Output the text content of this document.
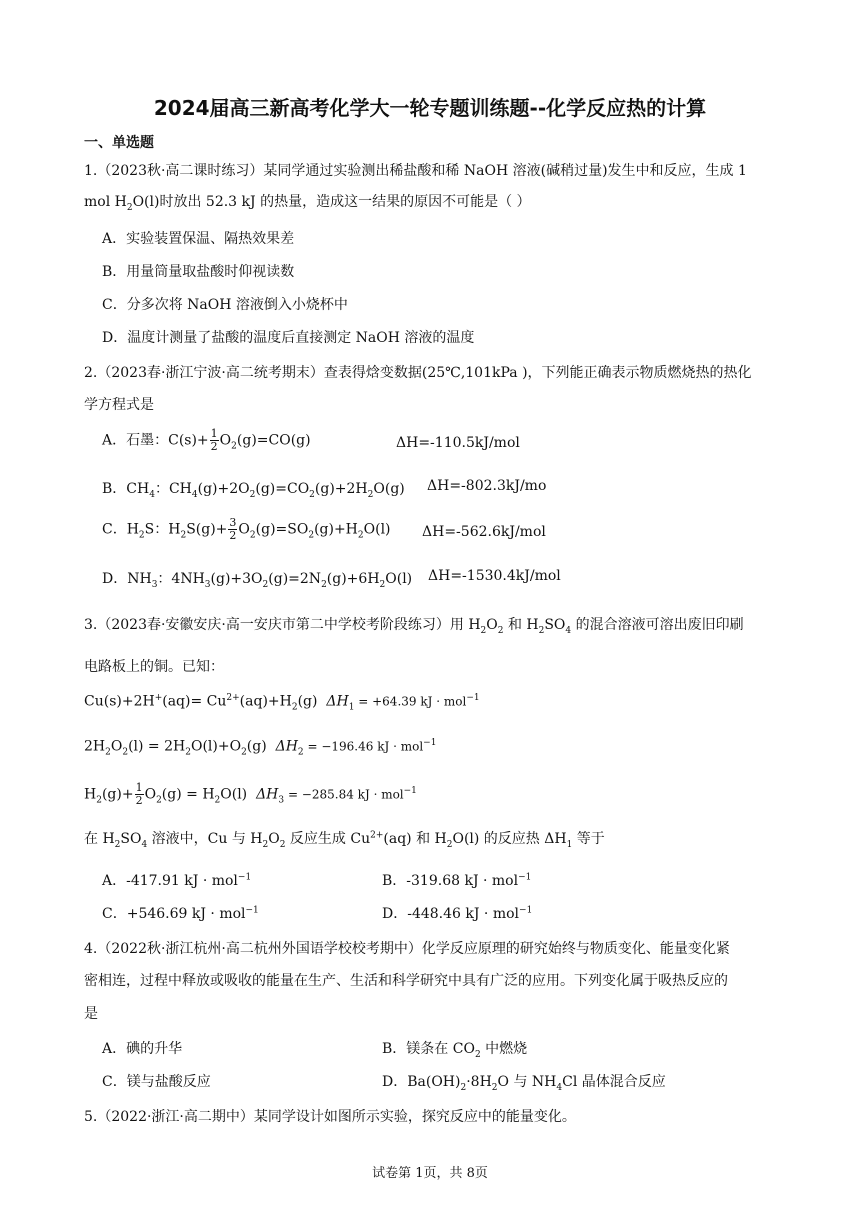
2024届高三新高考化学大一轮专题训练题--化学反应热的计算
一、单选题
1.（2023秋·高二课时练习）某同学通过实验测出稀盐酸和稀 NaOH 溶液(碱稍过量)发生中和反应，生成 1
mol $H_2O(l)$时放出 52.3 kJ 的热量，造成这一结果的原因不可能是（ ）
A．实验装置保温、隔热效果差
B．用量筒量取盐酸时仰视读数
C．分多次将 NaOH 溶液倒入小烧杯中
D．温度计测量了盐酸的温度后直接测定 NaOH 溶液的温度
2.（2023春·浙江宁波·高二统考期末）查表得焓变数据(25℃,101kPa )，下列能正确表示物质燃烧热的热化
学方程式是
A．石墨：$C(s)+ \frac{1}{2} O_2(g)=CO(g)$	ΔH=-110.5kJ/mol
B．$CH_4$：$CH_4(g)+2O_2(g)=CO_2(g)+2H_2O(g)$ ΔH=-802.3kJ/mo
C．$H_2S$：$H_2S(g)+ \frac{3}{2} O_2(g)=SO_2(g)+H_2O(l)$ ΔH=-562.6kJ/mol
D．$NH_3$：$4NH_3(g)+3O_2(g)=2N_2(g)+6H_2O(l)$ ΔH=-1530.4kJ/mol
3.（2023春·安徽安庆·高一安庆市第二中学校考阶段练习）用 $H_2O_2$ 和 $H_2SO_4$ 的混合溶液可溶出废旧印刷
电路板上的铜。已知：
$Cu(s)+2H^+(aq)= Cu^{2+}(aq)+H_2(g) \Delta H_1 = +64.39$ kJ · mol$^{-1}$
$2H_2O_2(l) = 2H_2O(l)+O_2(g) \Delta H_2 = -196.46$ kJ · mol$^{-1}$
$H_2(g)+ \frac{1}{2} O_2(g) = H_2O(l) \Delta H_3 = -285.84$ kJ · mol$^{-1}$
在 $H_2SO_4$ 溶液中，Cu 与 $H_2O_2$ 反应生成 $Cu^{2+}(aq)$ 和 $H_2O(l)$ 的反应热 $\Delta H_1$ 等于
A．-417.91 kJ · mol$^{-1}$	B．-319.68 kJ · mol$^{-1}$
C．+546.69 kJ · mol$^{-1}$	D．-448.46 kJ · mol$^{-1}$
4.（2022秋·浙江杭州·高二杭州外国语学校校考期中）化学反应原理的研究始终与物质变化、能量变化紧
密相连，过程中释放或吸收的能量在生产、生活和科学研究中具有广泛的应用。下列变化属于吸热反应的
是
A．碘的升华	B．镁条在 $CO_2$ 中燃烧
C．镁与盐酸反应	D．$Ba(OH)_2\cdot 8H_2O$ 与 $NH_4Cl$ 晶体混合反应
5.（2022·浙江·高二期中）某同学设计如图所示实验，探究反应中的能量变化。
试卷第 1页，共 8页
